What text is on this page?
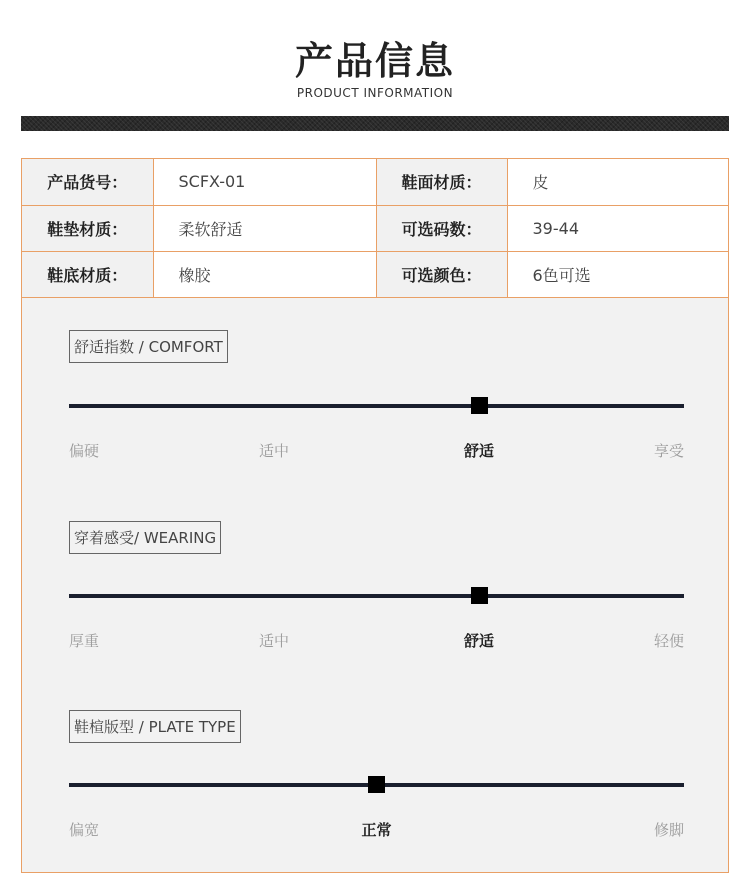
产品信息
PRODUCT INFORMATION
产品货号：	SCFX-01	鞋面材质：	皮
鞋垫材质：	柔软舒适	可选码数：	39-44
鞋底材质：	橡胶	可选颜色：	6色可选
舒适指数 / COMFORT
偏硬	适中	舒适	享受
穿着感受/ WEARING
厚重	适中	舒适	轻便
鞋楦版型 / PLATE TYPE
偏宽	正常	修脚
